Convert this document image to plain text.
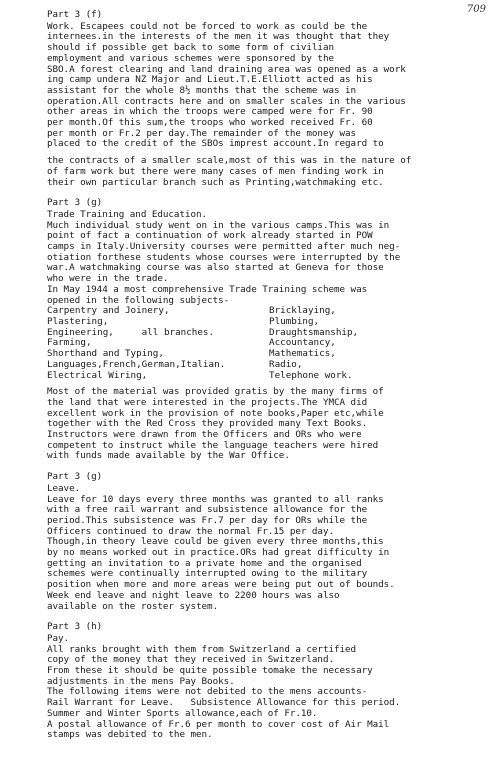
709
Part 3 (f)
Work. Escapees could not be forced to work as could be the
internees.in the interests of the men it was thought that they
should if possible get back to some form of civilian
employment and various schemes were sponsored by the
SBO.A forest clearing and land draining area was opened as a work
ing camp undera NZ Major and Lieut.T.E.Elliott acted as his
assistant for the whole 8½ months that the scheme was in
operation.All contracts here and on smaller scales in the various
other areas in which the troops were camped were for Fr. 90
per month.Of this sum,the troops who worked received Fr. 60
per month or Fr.2 per day.The remainder of the money was
placed to the credit of the SBOs imprest account.In regard to
the contracts of a smaller scale,most of this was in the nature of
of farm work but there were many cases of men finding work in
their own particular branch such as Printing,watchmaking etc.
Part 3 (g)
Trade Training and Education.
Much individual study went on in the various camps.This was in
point of fact a continuation of work already started in POW
camps in Italy.University courses were permitted after much neg-
otiation forthese students whose courses were interrupted by the
war.A watchmaking course was also started at Geneva for those
who were in the trade.
In May 1944 a most comprehensive Trade Training scheme was
opened in the following subjects-
Carpentry and Joinery,	Bricklaying,
Plastering,	Plumbing,
Engineering,     all branches.	Draughtsmanship,
Farming,	Accountancy,
Shorthand and Typing,	Mathematics,
Languages,French,German,Italian.	Radio,
Electrical Wiring,	Telephone work.
Most of the material was provided gratis by the many firms of
the land that were interested in the projects.The YMCA did
excellent work in the provision of note books,Paper etc,while
together with the Red Cross they provided many Text Books.
Instructors were drawn from the Officers and ORs who were
competent to instruct while the language teachers were hired
with funds made available by the War Office.
Part 3 (g)
Leave.
Leave for 10 days every three months was granted to all ranks
with a free rail warrant and subsistence allowance for the
period.This subsistence was Fr.7 per day for ORs while the
Officers continued to draw the normal Fr.15 per day.
Though,in theory leave could be given every three months,this
by no means worked out in practice.ORs had great difficulty in
getting an invitation to a private home and the organised
schemes were continually interrupted owing to the military
position when more and more areas were being put out of bounds.
Week end leave and night leave to 2200 hours was also
available on the roster system.
Part 3 (h)
Pay.
All ranks brought with them from Switzerland a certified
copy of the money that they received in Switzerland.
From these it should be quite possible tomake the necessary
adjustments in the mens Pay Books.
The following items were not debited to the mens accounts-
Rail Warrant for Leave.   Subsistence Allowance for this period.
Summer and Winter Sports allowance,each of Fr.10.
A postal allowance of Fr.6 per month to cover cost of Air Mail
stamps was debited to the men.
